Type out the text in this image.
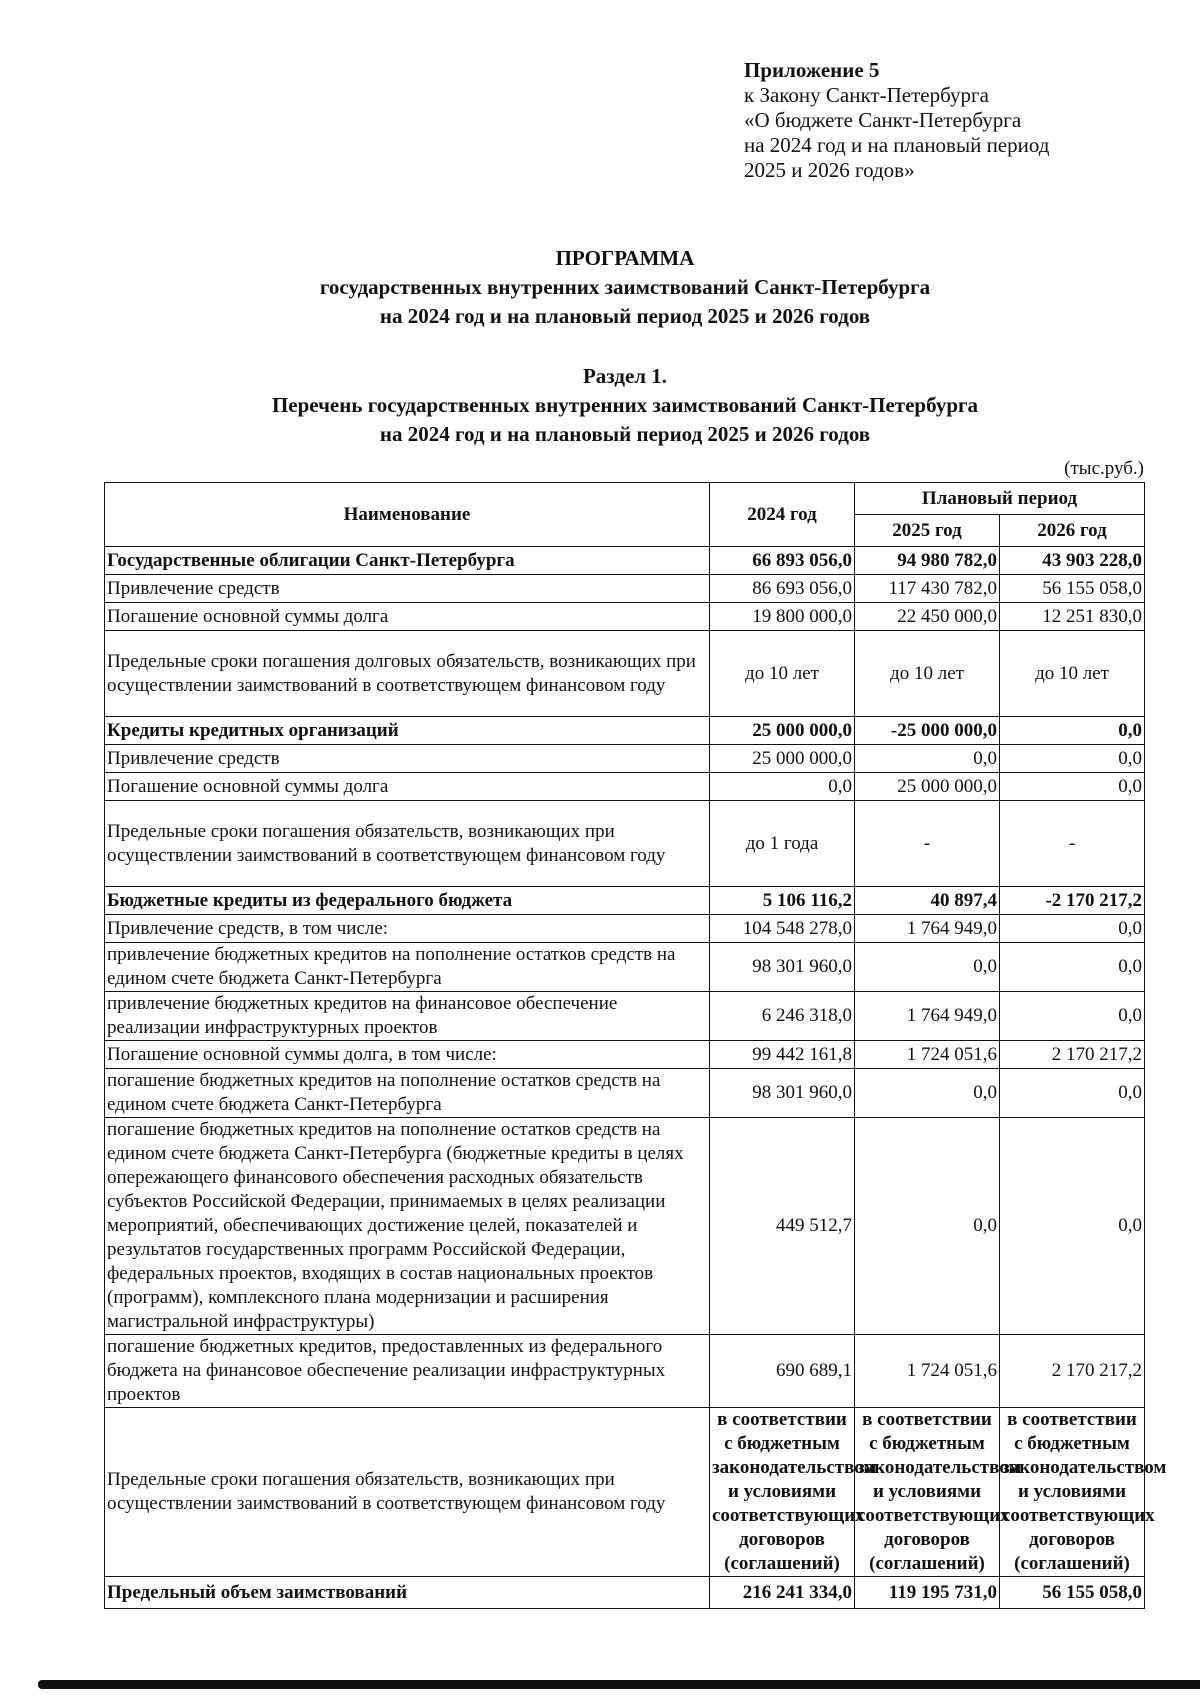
Приложение 5
к Закону Санкт-Петербурга
«О бюджете Санкт-Петербурга
на 2024 год и на плановый период
2025 и 2026 годов»
ПРОГРАММА
государственных внутренних заимствований Санкт-Петербурга
на 2024 год и на плановый период 2025 и 2026 годов
Раздел 1.
Перечень государственных внутренних заимствований Санкт-Петербурга
на 2024 год и на плановый период 2025 и 2026 годов
(тыс.руб.)
Наименование	2024 год	Плановый период	
		2025 год	2026 год
Государственные облигации Санкт-Петербурга	66 893 056,0	94 980 782,0	43 903 228,0
Привлечение средств	86 693 056,0	117 430 782,0	56 155 058,0
Погашение основной суммы долга	19 800 000,0	22 450 000,0	12 251 830,0
Предельные сроки погашения долговых обязательств, возникающих при осуществлении заимствований в соответствующем финансовом году	до 10 лет	до 10 лет	до 10 лет
Кредиты кредитных организаций	25 000 000,0	-25 000 000,0	0,0
Привлечение средств	25 000 000,0	0,0	0,0
Погашение основной суммы долга	0,0	25 000 000,0	0,0
Предельные сроки погашения обязательств, возникающих при осуществлении заимствований в соответствующем финансовом году	до 1 года	-	-
Бюджетные кредиты из федерального бюджета	5 106 116,2	40 897,4	-2 170 217,2
Привлечение средств, в том числе:	104 548 278,0	1 764 949,0	0,0
привлечение бюджетных кредитов на пополнение остатков средств на едином счете бюджета Санкт-Петербурга	98 301 960,0	0,0	0,0
привлечение бюджетных кредитов на финансовое обеспечение реализации инфраструктурных проектов	6 246 318,0	1 764 949,0	0,0
Погашение основной суммы долга, в том числе:	99 442 161,8	1 724 051,6	2 170 217,2
погашение бюджетных кредитов на пополнение остатков средств на едином счете бюджета Санкт-Петербурга	98 301 960,0	0,0	0,0
погашение бюджетных кредитов на пополнение остатков средств на едином счете бюджета Санкт-Петербурга (бюджетные кредиты в целях опережающего финансового обеспечения расходных обязательств субъектов Российской Федерации, принимаемых в целях реализации мероприятий, обеспечивающих достижение целей, показателей и результатов государственных программ Российской Федерации, федеральных проектов, входящих в состав национальных проектов (программ), комплексного плана модернизации и расширения магистральной инфраструктуры)	449 512,7	0,0	0,0
погашение бюджетных кредитов, предоставленных из федерального бюджета на финансовое обеспечение реализации инфраструктурных проектов	690 689,1	1 724 051,6	2 170 217,2
Предельные сроки погашения обязательств, возникающих при осуществлении заимствований в соответствующем финансовом году	в соответствии с бюджетным законодательством и условиями соответствующих договоров (соглашений)	в соответствии с бюджетным законодательством и условиями соответствующих договоров (соглашений)	в соответствии с бюджетным законодательством и условиями соответствующих договоров (соглашений)
Предельный объем заимствований	216 241 334,0	119 195 731,0	56 155 058,0
